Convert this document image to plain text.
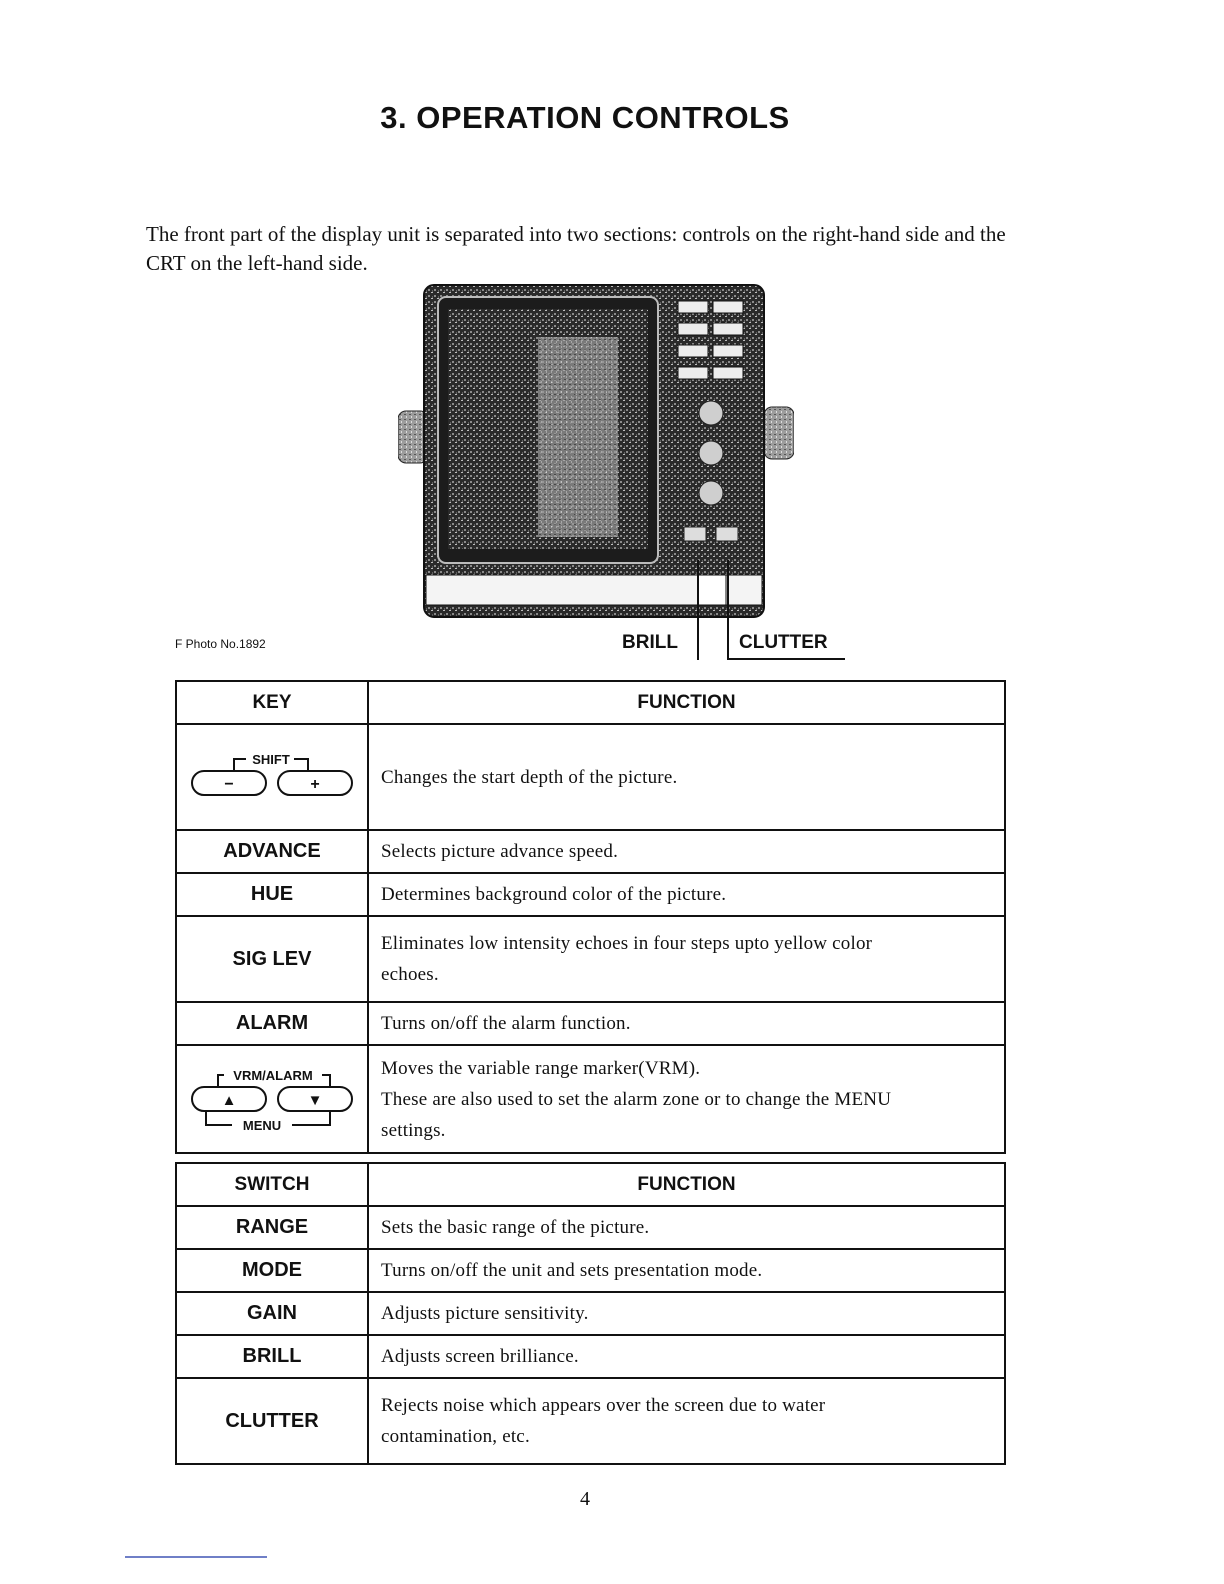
3. OPERATION CONTROLS
The front part of the display unit is separated into two sections: controls on the right-hand side and the CRT on the left-hand side.
F Photo No.1892	BRILL	CLUTTER
KEY	FUNCTION

SHIFT
− +	Changes the start depth of the picture.

ADVANCE	Selects picture advance speed.

HUE	Determines background color of the picture.

SIG LEV	Eliminates low intensity echoes in four steps upto yellow color
echoes.

ALARM	Turns on/off the alarm function.

VRM/ALARM
▲ ▼
MENU	Moves the variable range marker(VRM).
These are also used to set the alarm zone or to change the MENU
settings.
SWITCH	FUNCTION
RANGE	Sets the basic range of the picture.

MODE	Turns on/off the unit and sets presentation mode.

GAIN	Adjusts picture sensitivity.

BRILL	Adjusts screen brilliance.

CLUTTER	Rejects noise which appears over the screen due to water
contamination, etc.
4
